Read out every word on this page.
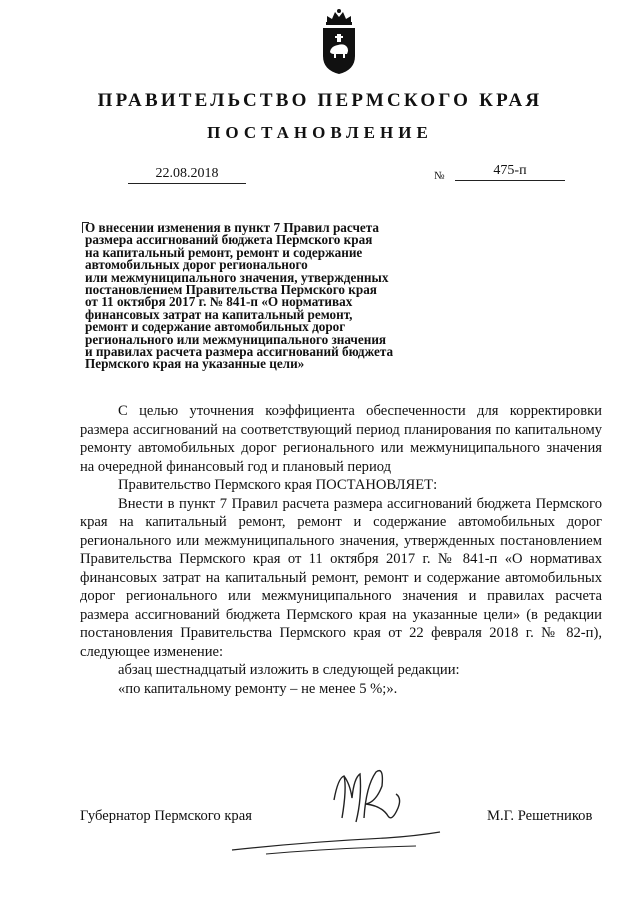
ПРАВИТЕЛЬСТВО ПЕРМСКОГО КРАЯ
ПОСТАНОВЛЕНИЕ
22.08.2018	№	475-п
О внесении изменения в пункт 7 Правил расчета
размера ассигнований бюджета Пермского края
на капитальный ремонт, ремонт и содержание
автомобильных дорог регионального
или межмуниципального значения, утвержденных
постановлением Правительства Пермского края
от 11 октября 2017 г. № 841-п «О нормативах
финансовых затрат на капитальный ремонт,
ремонт и содержание автомобильных дорог
регионального или межмуниципального значения
и правилах расчета размера ассигнований бюджета
Пермского края на указанные цели»

С целью уточнения коэффициента обеспеченности для корректировки размера ассигнований на соответствующий период планирования по капитальному ремонту автомобильных дорог регионального или межмуниципального значения на очередной финансовый год и плановый период

Правительство Пермского края ПОСТАНОВЛЯЕТ:

Внести в пункт 7 Правил расчета размера ассигнований бюджета Пермского края на капитальный ремонт, ремонт и содержание автомобильных дорог регионального или межмуниципального значения, утвержденных постановлением Правительства Пермского края от 11 октября 2017 г. № 841-п «О нормативах финансовых затрат на капитальный ремонт, ремонт и содержание автомобильных дорог регионального или межмуниципального значения и правилах расчета размера ассигнований бюджета Пермского края на указанные цели» (в редакции постановления Правительства Пермского края от 22 февраля 2018 г. № 82-п), следующее изменение:

абзац шестнадцатый изложить в следующей редакции:

«по капитальному ремонту – не менее 5 %;».

Губернатор Пермского края	М.Г. Решетников
